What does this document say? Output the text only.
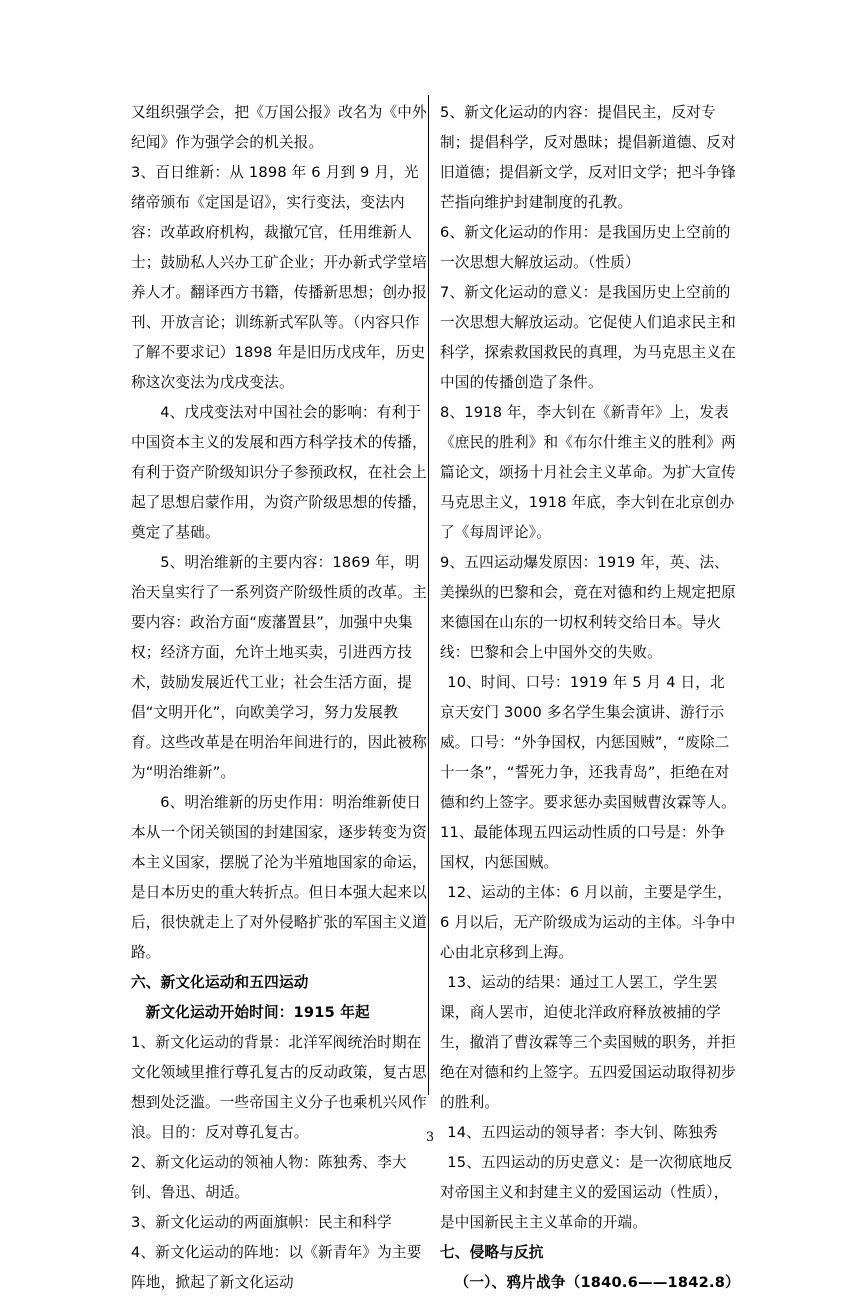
又组织强学会，把《万国公报》改名为《中外纪闻》作为强学会的机关报。

3、百日维新：从 1898 年 6 月到 9 月，光绪帝颁布《定国是诏》，实行变法，变法内容：改革政府机构，裁撤冗官，任用维新人士；鼓励私人兴办工矿企业；开办新式学堂培养人才。翻译西方书籍，传播新思想；创办报刊、开放言论；训练新式军队等。（内容只作了解不要求记）1898 年是旧历戊戌年，历史称这次变法为戊戌变法。

4、戊戌变法对中国社会的影响：有利于中国资本主义的发展和西方科学技术的传播，有利于资产阶级知识分子参预政权，在社会上起了思想启蒙作用，为资产阶级思想的传播，奠定了基础。

5、明治维新的主要内容：1869 年，明治天皇实行了一系列资产阶级性质的改革。主要内容：政治方面“废藩置县”，加强中央集权；经济方面，允许土地买卖，引进西方技术，鼓励发展近代工业；社会生活方面，提倡“文明开化”，向欧美学习，努力发展教育。这些改革是在明治年间进行的，因此被称为“明治维新”。

6、明治维新的历史作用：明治维新使日本从一个闭关锁国的封建国家，逐步转变为资本主义国家，摆脱了沦为半殖地国家的命运，是日本历史的重大转折点。但日本强大起来以后，很快就走上了对外侵略扩张的军国主义道路。

六、新文化运动和五四运动

新文化运动开始时间：1915 年起

1、新文化运动的背景：北洋军阀统治时期在文化领域里推行尊孔复古的反动政策，复古思想到处泛滥。一些帝国主义分子也乘机兴风作浪。目的：反对尊孔复古。

2、新文化运动的领袖人物：陈独秀、李大钊、鲁迅、胡适。

3、新文化运动的两面旗帜：民主和科学

4、新文化运动的阵地：以《新青年》为主要阵地，掀起了新文化运动

5、新文化运动的内容：提倡民主，反对专制；提倡科学，反对愚昧；提倡新道德、反对旧道德；提倡新文学，反对旧文学；把斗争锋芒指向维护封建制度的孔教。

6、新文化运动的作用：是我国历史上空前的一次思想大解放运动。（性质）

7、新文化运动的意义：是我国历史上空前的一次思想大解放运动。它促使人们追求民主和科学，探索救国救民的真理，为马克思主义在中国的传播创造了条件。

8、1918 年，李大钊在《新青年》上，发表《庶民的胜利》和《布尔什维主义的胜利》两篇论文，颂扬十月社会主义革命。为扩大宣传马克思主义，1918 年底，李大钊在北京创办了《每周评论》。

9、五四运动爆发原因：1919 年，英、法、美操纵的巴黎和会，竟在对德和约上规定把原来德国在山东的一切权利转交给日本。导火线：巴黎和会上中国外交的失败。

10、时间、口号：1919 年 5 月 4 日，北京天安门 3000 多名学生集会演讲、游行示威。口号：“外争国权，内惩国贼”，“废除二十一条”，“誓死力争，还我青岛”，拒绝在对德和约上签字。要求惩办卖国贼曹汝霖等人。

11、最能体现五四运动性质的口号是：外争国权，内惩国贼。

12、运动的主体：6 月以前，主要是学生，6 月以后，无产阶级成为运动的主体。斗争中心由北京移到上海。

13、运动的结果：通过工人罢工，学生罢课，商人罢市，迫使北洋政府释放被捕的学生，撤消了曹汝霖等三个卖国贼的职务，并拒绝在对德和约上签字。五四爱国运动取得初步的胜利。

14、五四运动的领导者：李大钊、陈独秀

15、五四运动的历史意义：是一次彻底地反对帝国主义和封建主义的爱国运动（性质），是中国新民主主义革命的开端。

七、侵略与反抗

（一）、鸦片战争（1840.6——1842.8）

3
